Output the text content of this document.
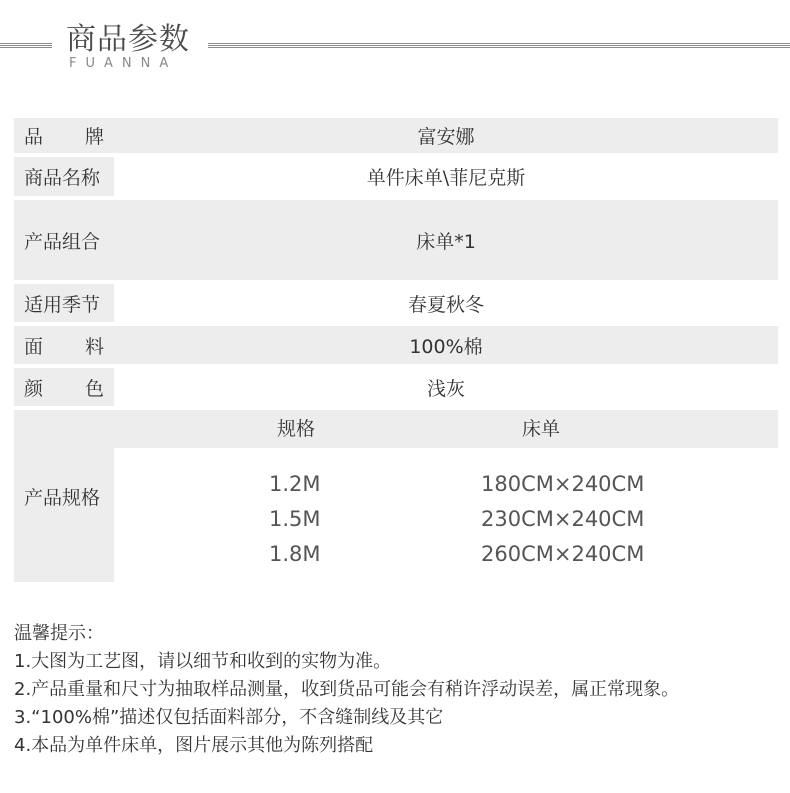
商品参数
FUANNA
品 牌	富安娜
商品名称	单件床单\菲尼克斯
产品组合	床单*1
适用季节	春夏秋冬
面 料	100%棉
颜 色	浅灰
产品规格
规格	床单
1.2M	180CM×240CM
1.5M	230CM×240CM
1.8M	260CM×240CM
温馨提示：
1.大图为工艺图，请以细节和收到的实物为准。
2.产品重量和尺寸为抽取样品测量，收到货品可能会有稍许浮动误差，属正常现象。
3.“100%棉”描述仅包括面料部分，不含缝制线及其它
4.本品为单件床单，图片展示其他为陈列搭配
